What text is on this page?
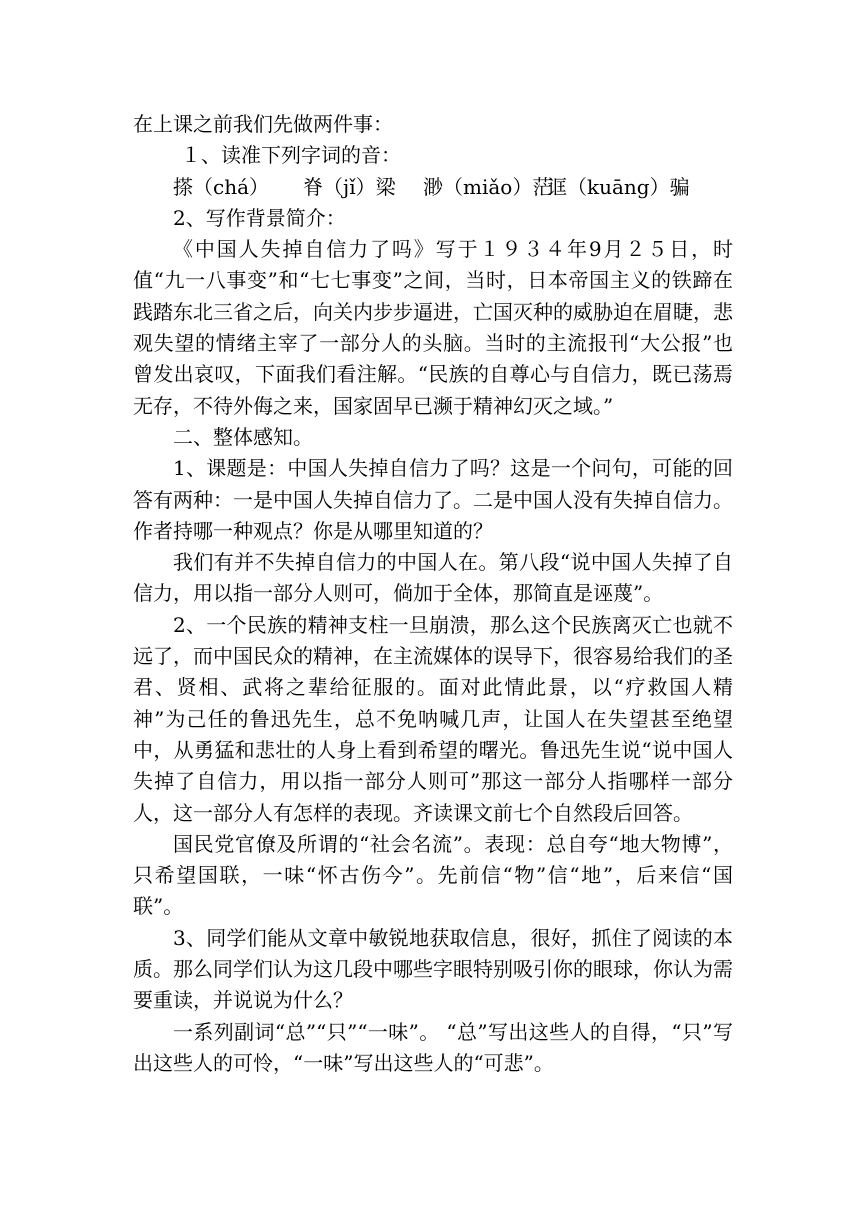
在上课之前我们先做两件事：
１、读准下列字词的音：
搽（chá）	脊（jǐ）梁	渺（miǎo）茫
诓（kuāng）骗
2、写作背景简介：

《中国人失掉自信力了吗》写于１９３４年9月２５日，时值“九一八事变”和“七七事变”之间，当时，日本帝国主义的铁蹄在践踏东北三省之后，向关内步步逼进，亡国灭种的威胁迫在眉睫，悲观失望的情绪主宰了一部分人的头脑。当时的主流报刊“大公报”也曾发出哀叹，下面我们看注解。“民族的自尊心与自信力，既已荡焉无存，不待外侮之来，国家固早已濒于精神幻灭之域。”

二、整体感知。

1、课题是：中国人失掉自信力了吗？这是一个问句，可能的回答有两种：一是中国人失掉自信力了。二是中国人没有失掉自信力。作者持哪一种观点？你是从哪里知道的？

我们有并不失掉自信力的中国人在。第八段“说中国人失掉了自信力，用以指一部分人则可，倘加于全体，那简直是诬蔑”。

2、一个民族的精神支柱一旦崩溃，那么这个民族离灭亡也就不远了，而中国民众的精神，在主流媒体的误导下，很容易给我们的圣君、贤相、武将之辈给征服的。面对此情此景，以“疗救国人精神”为己任的鲁迅先生，总不免呐喊几声，让国人在失望甚至绝望中，从勇猛和悲壮的人身上看到希望的曙光。鲁迅先生说“说中国人失掉了自信力，用以指一部分人则可”那这一部分人指哪样一部分人，这一部分人有怎样的表现。齐读课文前七个自然段后回答。

国民党官僚及所谓的“社会名流”。表现：总自夸“地大物博”，只希望国联，一味“怀古伤今”。先前信“物”信“地”，后来信“国联”。

3、同学们能从文章中敏锐地获取信息，很好，抓住了阅读的本质。那么同学们认为这几段中哪些字眼特别吸引你的眼球，你认为需要重读，并说说为什么？

一系列副词“总”“只”“一味”。 “总”写出这些人的自得，“只”写出这些人的可怜，“一味”写出这些人的“可悲”。
